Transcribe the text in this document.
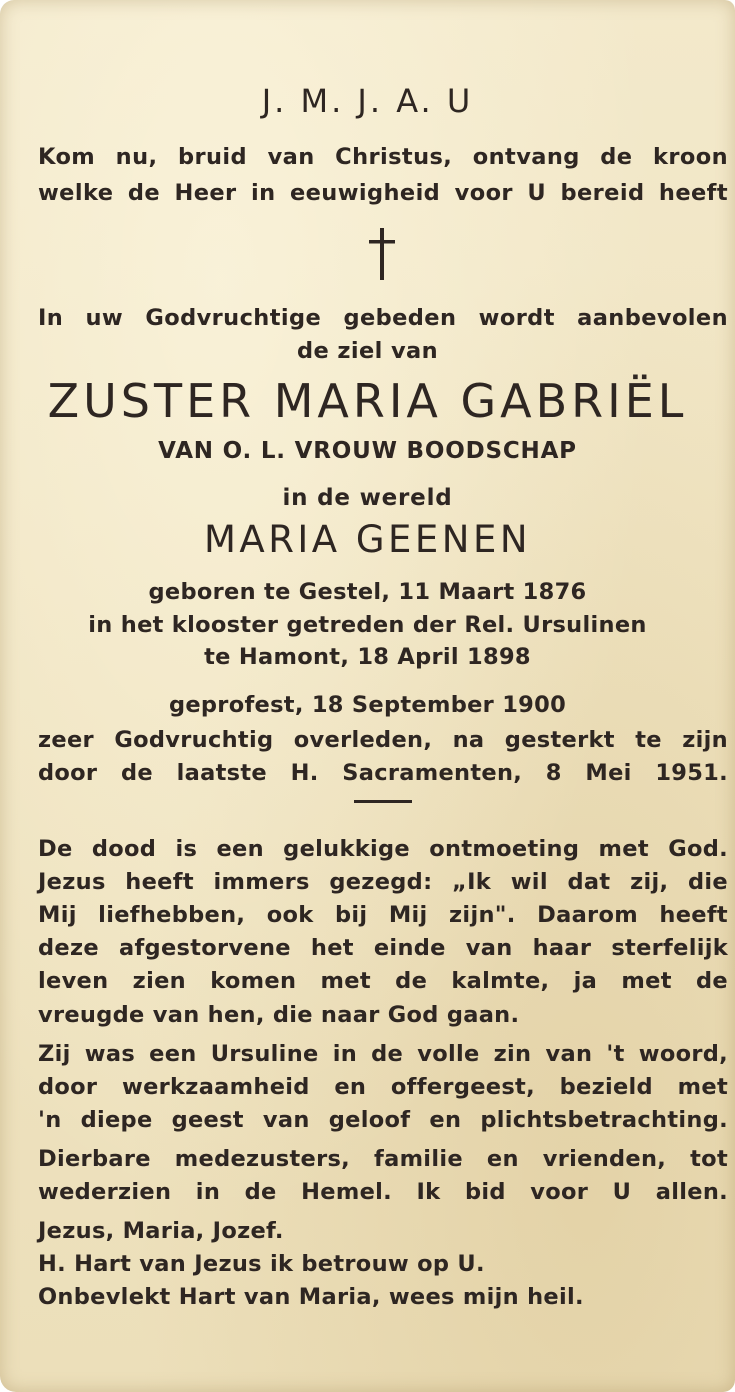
J. M. J. A. U
Kom nu, bruid van Christus, ontvang de kroon
welke de Heer in eeuwigheid voor U bereid heeft
In uw Godvruchtige gebeden wordt aanbevolen
de ziel van
ZUSTER MARIA GABRIËL
VAN O. L. VROUW BOODSCHAP
in de wereld
MARIA GEENEN
geboren te Gestel, 11 Maart 1876
in het klooster getreden der Rel. Ursulinen
te Hamont, 18 April 1898
geprofest, 18 September 1900
zeer Godvruchtig overleden, na gesterkt te zijn
door de laatste H. Sacramenten, 8 Mei 1951.
De dood is een gelukkige ontmoeting met God.
Jezus heeft immers gezegd: „Ik wil dat zij, die
Mij liefhebben, ook bij Mij zijn". Daarom heeft
deze afgestorvene het einde van haar sterfelijk
leven zien komen met de kalmte, ja met de
vreugde van hen, die naar God gaan.
Zij was een Ursuline in de volle zin van 't woord,
door werkzaamheid en offergeest, bezield met
'n diepe geest van geloof en plichtsbetrachting.
Dierbare medezusters, familie en vrienden, tot
wederzien in de Hemel. Ik bid voor U allen.
Jezus, Maria, Jozef.
H. Hart van Jezus ik betrouw op U.
Onbevlekt Hart van Maria, wees mijn heil.
